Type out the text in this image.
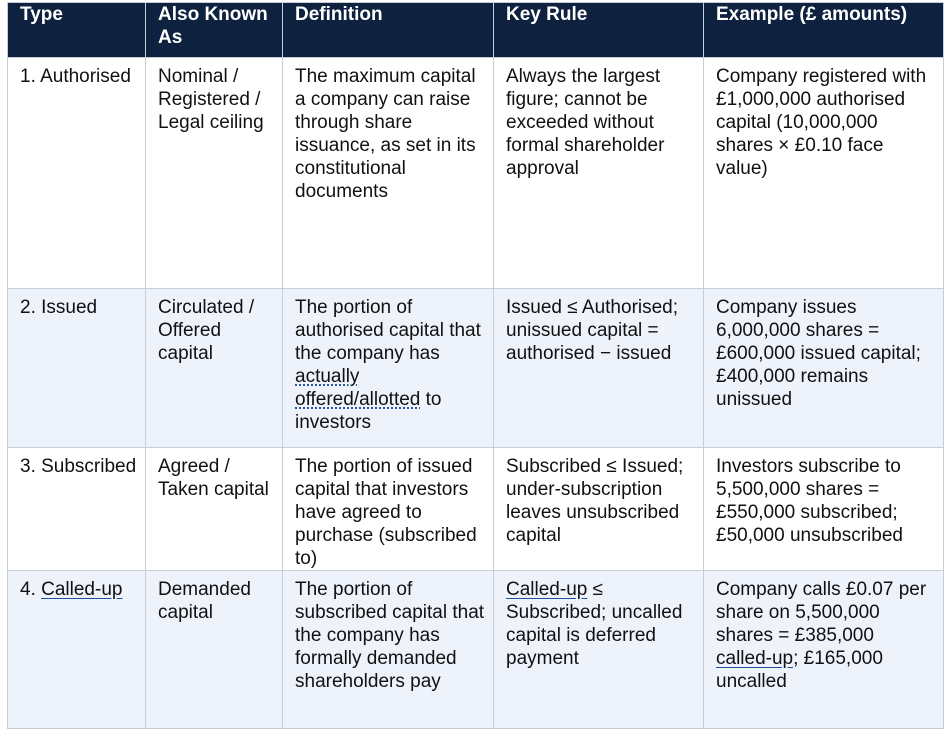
Type	Also Known As	Definition	Key Rule	Example (£ amounts)
1. Authorised	Nominal / Registered / Legal ceiling	The maximum capital a company can raise through share issuance, as set in its constitutional documents	Always the largest figure; cannot be exceeded without formal shareholder approval	Company registered with £1,000,000 authorised capital (10,000,000 shares × £0.10 face value)
2. Issued	Circulated / Offered capital	The portion of authorised capital that the company has actually offered/allotted to investors	Issued ≤ Authorised; unissued capital = authorised − issued	Company issues 6,000,000 shares = £600,000 issued capital; £400,000 remains unissued
3. Subscribed	Agreed / Taken capital	The portion of issued capital that investors have agreed to purchase (subscribed to)	Subscribed ≤ Issued; under-subscription leaves unsubscribed capital	Investors subscribe to 5,500,000 shares = £550,000 subscribed; £50,000 unsubscribed
4. Called-up	Demanded capital	The portion of subscribed capital that the company has formally demanded shareholders pay	Called-up ≤ Subscribed; uncalled capital is deferred payment	Company calls £0.07 per share on 5,500,000 shares = £385,000 called-up; £165,000 uncalled
